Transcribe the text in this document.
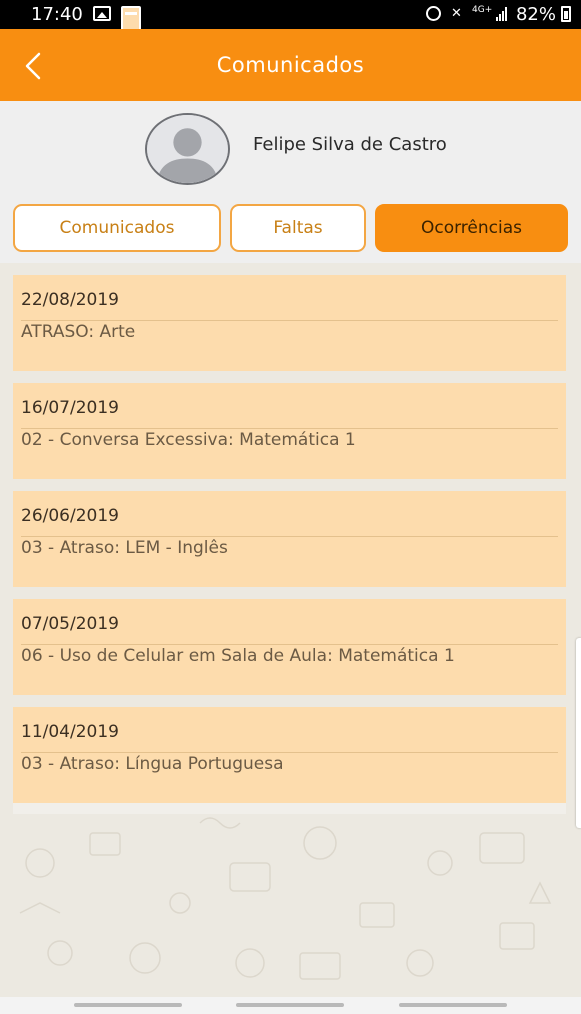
17:40	✕ 4G+ 82%
Comunicados
Felipe Silva de Castro
Comunicados	Faltas	Ocorrências
22/08/2019
ATRASO: Arte
16/07/2019
02 - Conversa Excessiva: Matemática 1
26/06/2019
03 - Atraso: LEM - Inglês
07/05/2019
06 - Uso de Celular em Sala de Aula: Matemática 1
11/04/2019
03 - Atraso: Língua Portuguesa
